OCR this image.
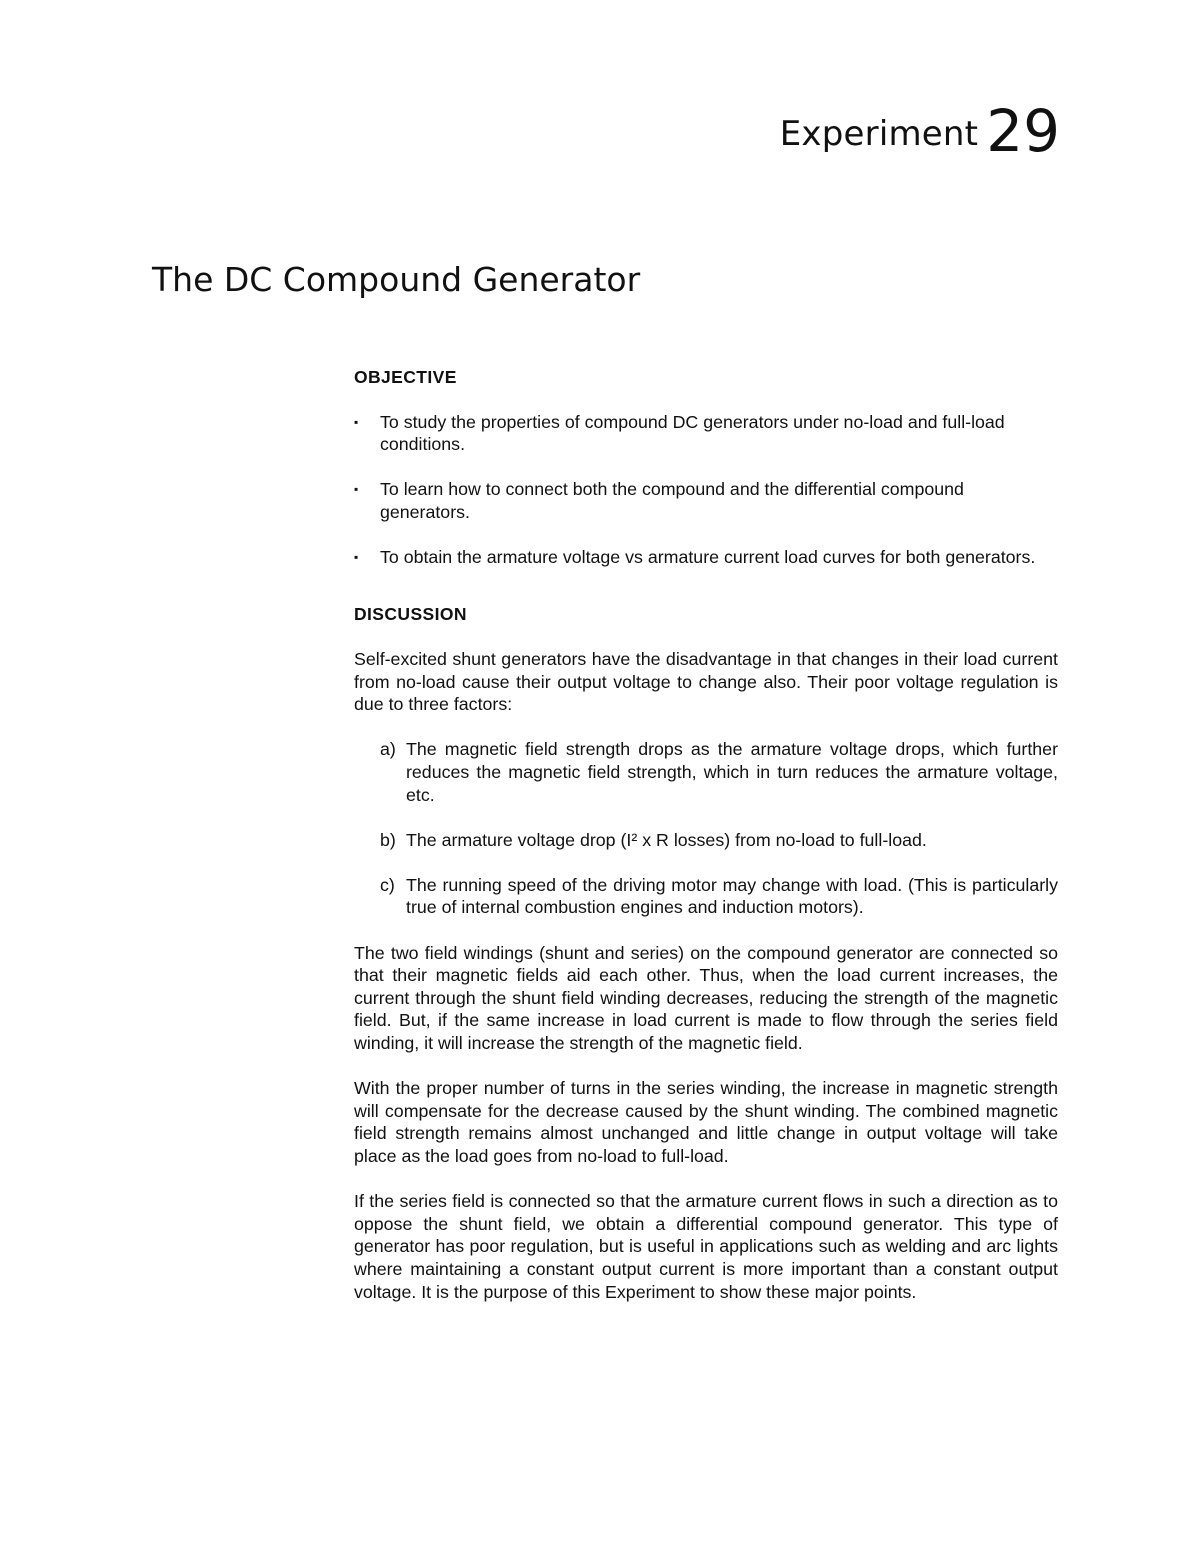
Experiment 29
The DC Compound Generator
OBJECTIVE
▪ To study the properties of compound DC generators under no-load and full-load conditions.
▪ To learn how to connect both the compound and the differential compound generators.
▪ To obtain the armature voltage vs armature current load curves for both generators.
DISCUSSION

Self-excited shunt generators have the disadvantage in that changes in their load current from no-load cause their output voltage to change also. Their poor voltage regulation is due to three factors:

a) The magnetic field strength drops as the armature voltage drops, which further reduces the magnetic field strength, which in turn reduces the armature voltage, etc.
b) The armature voltage drop (I² x R losses) from no-load to full-load.
c) The running speed of the driving motor may change with load. (This is particularly true of internal combustion engines and induction motors).

The two field windings (shunt and series) on the compound generator are connected so that their magnetic fields aid each other. Thus, when the load current increases, the current through the shunt field winding decreases, reducing the strength of the magnetic field. But, if the same increase in load current is made to flow through the series field winding, it will increase the strength of the magnetic field.

With the proper number of turns in the series winding, the increase in magnetic strength will compensate for the decrease caused by the shunt winding. The combined magnetic field strength remains almost unchanged and little change in output voltage will take place as the load goes from no-load to full-load.

If the series field is connected so that the armature current flows in such a direction as to oppose the shunt field, we obtain a differential compound generator. This type of generator has poor regulation, but is useful in applications such as welding and arc lights where maintaining a constant output current is more important than a constant output voltage. It is the purpose of this Experiment to show these major points.
